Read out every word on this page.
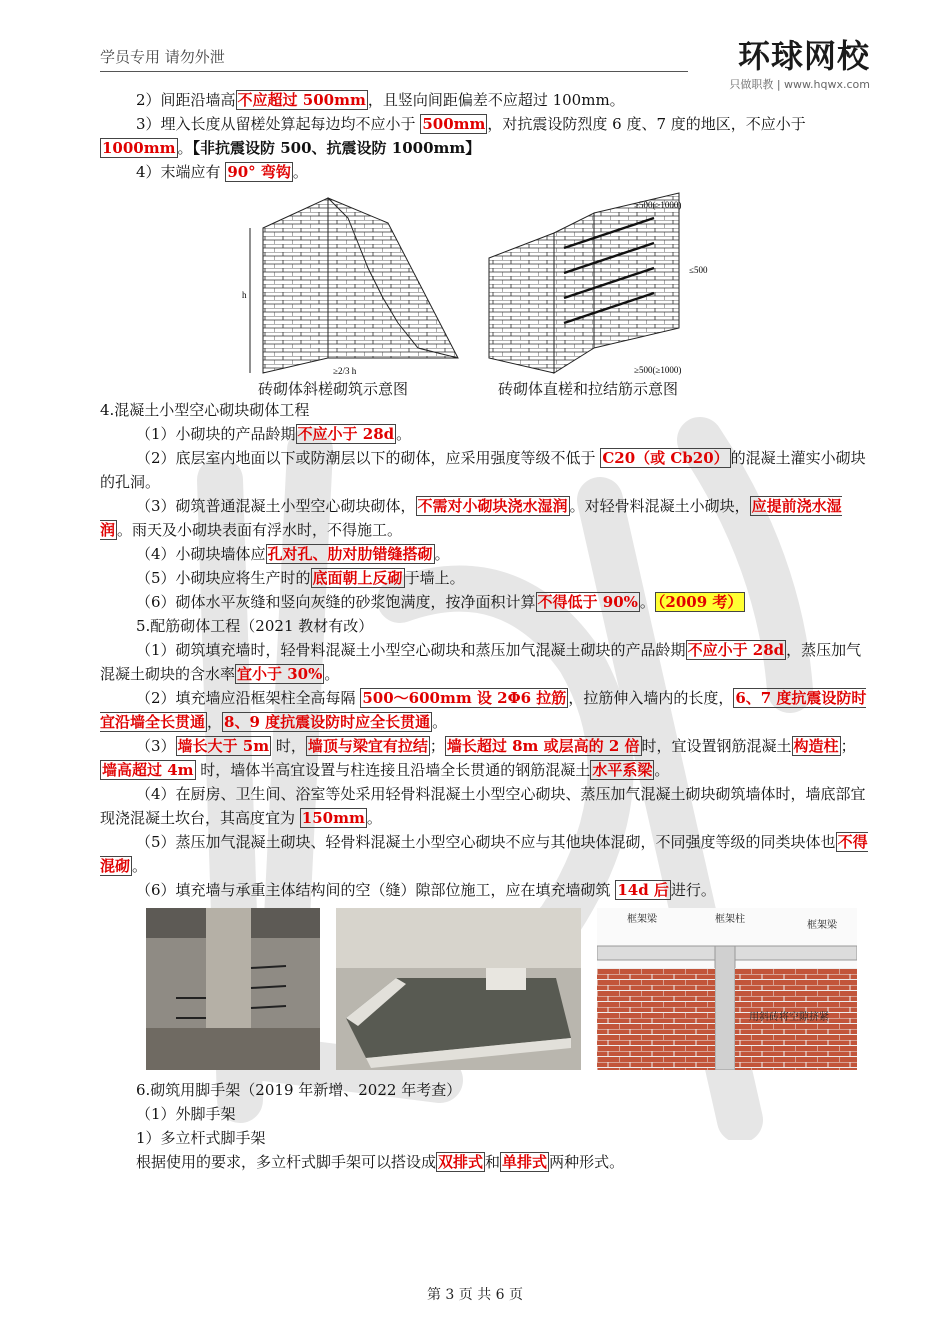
学员专用 请勿外泄	环球网校
只做职教 | www.hqwx.com

2）间距沿墙高 不应超过 500mm ，且竖向间距偏差不应超过 100mm。

3）埋入长度从留槎处算起每边均不应小于 500mm ，对抗震设防烈度 6 度、7 度的地区，不应小于1000mm 。【非抗震设防 500、抗震设防 1000mm】

4）末端应有 90° 弯钩 。

h
≥2/3 h
≥500(≥1000)
≤500
≥500(≥1000)
砖砌体斜槎砌筑示意图	砖砌体直槎和拉结筋示意图

4.混凝土小型空心砌块砌体工程

（1）小砌块的产品龄期 不应小于 28d 。

（2）底层室内地面以下或防潮层以下的砌体，应采用强度等级不低于 C20（或 Cb20） 的混凝土灌实小砌块的孔洞。

（3）砌筑普通混凝土小型空心砌块砌体， 不需对小砌块浇水湿润 。对轻骨料混凝土小砌块， 应提前浇水湿润 。雨天及小砌块表面有浮水时，不得施工。

（4）小砌块墙体应 孔对孔、肋对肋错缝搭砌 。

（5）小砌块应将生产时的 底面朝上反砌 于墙上。

（6）砌体水平灰缝和竖向灰缝的砂浆饱满度，按净面积计算 不得低于 90% 。 （2009 考）

5.配筋砌体工程（2021 教材有改）

（1）砌筑填充墙时，轻骨料混凝土小型空心砌块和蒸压加气混凝土砌块的产品龄期 不应小于 28d ，蒸压加气混凝土砌块的含水率 宜小于 30% 。

（2）填充墙应沿框架柱全高每隔 500～600mm 设 2Φ6 拉筋 ，拉筋伸入墙内的长度， 6、7 度抗震设防时宜沿墙全长贯通 ， 8、9 度抗震设防时应全长贯通 。

（3） 墙长大于 5m 时， 墙顶与梁宜有拉结 ； 墙长超过 8m 或层高的 2 倍 时，宜设置钢筋混凝土 构造柱 ；墙高超过 4m 时，墙体半高宜设置与柱连接且沿墙全长贯通的钢筋混凝土 水平系梁 。

（4）在厨房、卫生间、浴室等处采用轻骨料混凝土小型空心砌块、蒸压加气混凝土砌块砌筑墙体时，墙底部宜现浇混凝土坎台，其高度宜为 150mm 。

（5）蒸压加气混凝土砌块、轻骨料混凝土小型空心砌块不应与其他块体混砌，不同强度等级的同类块体也 不得混砌 。

（6）填充墙与承重主体结构间的空（缝）隙部位施工，应在填充墙砌筑 14d 后 进行。

框架梁	框架柱
框架梁
用斜砖将空隙挤紧

6.砌筑用脚手架（2019 年新增、2022 年考查）

（1）外脚手架

1）多立杆式脚手架

根据使用的要求，多立杆式脚手架可以搭设成 双排式 和 单排式 两种形式。

第 3 页 共 6 页
